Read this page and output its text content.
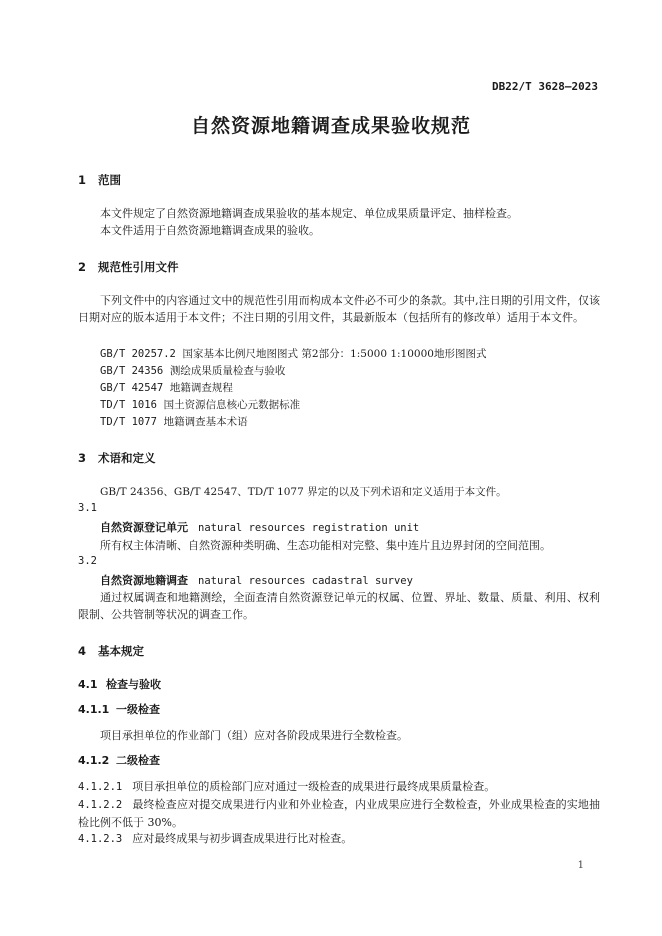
DB22/T 3628—2023
自然资源地籍调查成果验收规范
1 范围
本文件规定了自然资源地籍调查成果验收的基本规定、单位成果质量评定、抽样检查。
本文件适用于自然资源地籍调查成果的验收。
2 规范性引用文件
下列文件中的内容通过文中的规范性引用而构成本文件必不可少的条款。其中,注日期的引用文件，仅该日期对应的版本适用于本文件；不注日期的引用文件，其最新版本（包括所有的修改单）适用于本文件。
GB/T 20257.2 国家基本比例尺地图图式 第2部分：1:5000 1:10000地形图图式
GB/T 24356 测绘成果质量检查与验收
GB/T 42547 地籍调查规程
TD/T 1016 国土资源信息核心元数据标准
TD/T 1077 地籍调查基本术语
3 术语和定义
GB/T 24356、GB/T 42547、TD/T 1077 界定的以及下列术语和定义适用于本文件。
3.1
自然资源登记单元 natural resources registration unit
所有权主体清晰、自然资源种类明确、生态功能相对完整、集中连片且边界封闭的空间范围。
3.2
自然资源地籍调查 natural resources cadastral survey
通过权属调查和地籍测绘，全面查清自然资源登记单元的权属、位置、界址、数量、质量、利用、权利限制、公共管制等状况的调查工作。
4 基本规定
4.1 检查与验收
4.1.1 一级检查
项目承担单位的作业部门（组）应对各阶段成果进行全数检查。
4.1.2 二级检查
4.1.2.1 项目承担单位的质检部门应对通过一级检查的成果进行最终成果质量检查。
4.1.2.2 最终检查应对提交成果进行内业和外业检查，内业成果应进行全数检查，外业成果检查的实地抽检比例不低于 30%。
4.1.2.3 应对最终成果与初步调查成果进行比对检查。
1
